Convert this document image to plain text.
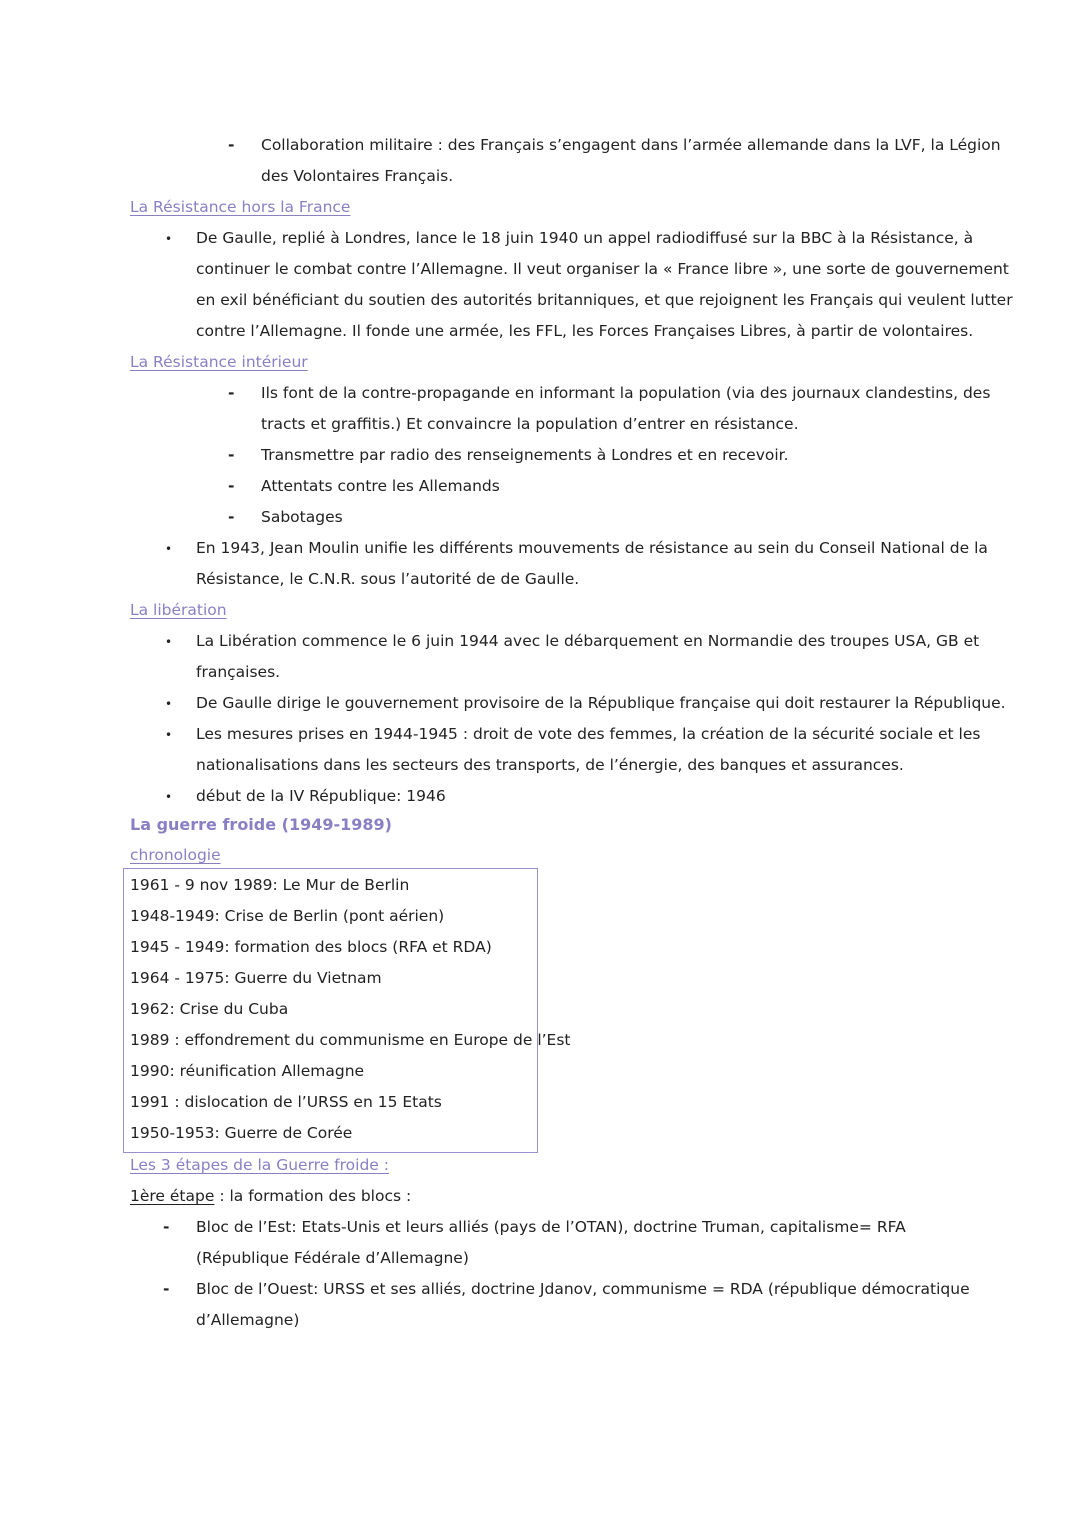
-
Collaboration militaire : des Français s’engagent dans l’armée allemande dans la LVF, la Légion
des Volontaires Français.
La Résistance hors la France
•
De Gaulle, replié à Londres, lance le 18 juin 1940 un appel radiodiffusé sur la BBC à la Résistance, à
continuer le combat contre l’Allemagne. Il veut organiser la « France libre », une sorte de gouvernement
en exil bénéficiant du soutien des autorités britanniques, et que rejoignent les Français qui veulent lutter
contre l’Allemagne. Il fonde une armée, les FFL, les Forces Françaises Libres, à partir de volontaires.
La Résistance intérieur
-
Ils font de la contre-propagande en informant la population (via des journaux clandestins, des
tracts et graffitis.) Et convaincre la population d’entrer en résistance.
-
Transmettre par radio des renseignements à Londres et en recevoir.
-
Attentats contre les Allemands
-
Sabotages
•
En 1943, Jean Moulin unifie les différents mouvements de résistance au sein du Conseil National de la
Résistance, le C.N.R. sous l’autorité de de Gaulle.
La libération
•
La Libération commence le 6 juin 1944 avec le débarquement en Normandie des troupes USA, GB et
françaises.
•
De Gaulle dirige le gouvernement provisoire de la République française qui doit restaurer la République.
•
Les mesures prises en 1944-1945 : droit de vote des femmes, la création de la sécurité sociale et les
nationalisations dans les secteurs des transports, de l’énergie, des banques et assurances.
•
début de la IV République: 1946
La guerre froide (1949-1989)
chronologie
1961 - 9 nov 1989: Le Mur de Berlin
1948-1949: Crise de Berlin (pont aérien)
1945 - 1949: formation des blocs (RFA et RDA)
1964 - 1975: Guerre du Vietnam
1962: Crise du Cuba
1989 : effondrement du communisme en Europe de l’Est
1990: réunification Allemagne
1991 : dislocation de l’URSS en 15 Etats
1950-1953: Guerre de Corée
Les 3 étapes de la Guerre froide :
1ère étape : la formation des blocs :
-
Bloc de l’Est: Etats-Unis et leurs alliés (pays de l’OTAN), doctrine Truman, capitalisme= RFA
(République Fédérale d’Allemagne)
-
Bloc de l’Ouest: URSS et ses alliés, doctrine Jdanov, communisme = RDA (république démocratique
d’Allemagne)
